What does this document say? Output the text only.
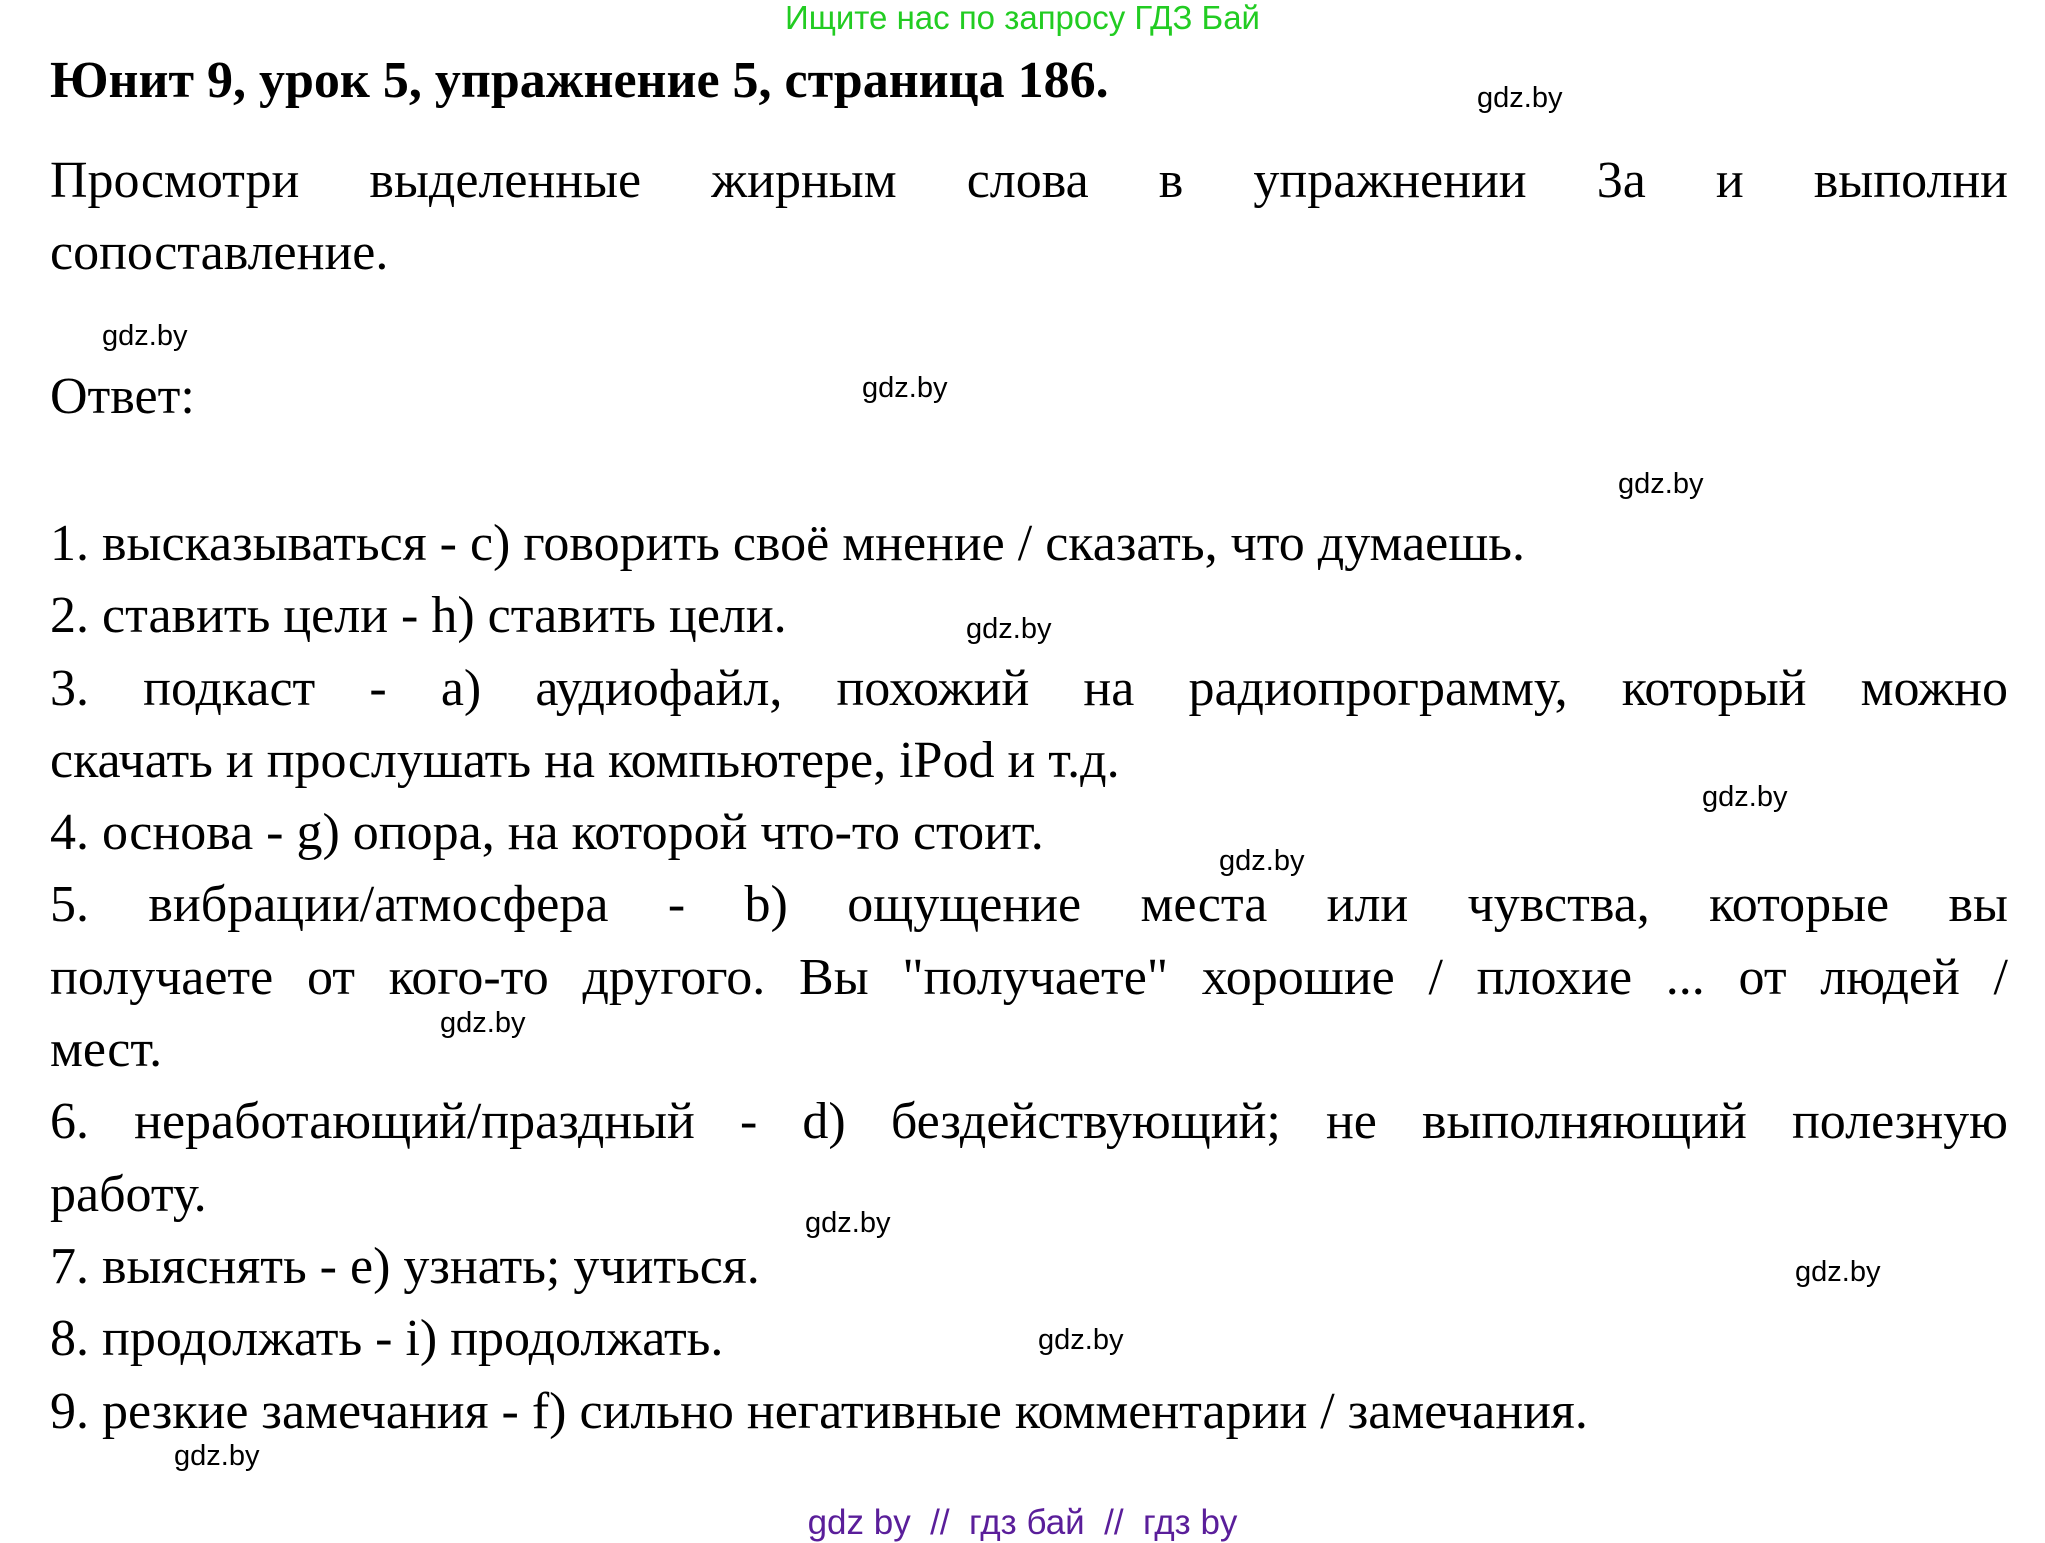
Ищите нас по запросу ГДЗ Бай
Юнит 9, урок 5, упражнение 5, страница 186.
Просмотри выделенные жирным слова в упражнении 3а и выполни
сопоставление.
Ответ:
1. высказываться - c) говорить своё мнение / сказать, что думаешь.
2. ставить цели - h) ставить цели.
3. подкаст - a) аудиофайл, похожий на радиопрограмму, который можно
скачать и прослушать на компьютере, iPod и т.д.
4. основа - g) опора, на которой что-то стоит.
5. вибрации/атмосфера - b) ощущение места или чувства, которые вы
получаете от кого-то другого. Вы "получаете" хорошие / плохие ... от людей /
мест.
6. неработающий/праздный - d) бездействующий; не выполняющий полезную
работу.
7. выяснять - e) узнать; учиться.
8. продолжать - i) продолжать.
9. резкие замечания - f) сильно негативные комментарии / замечания.
gdz.by
gdz.by
gdz.by
gdz.by
gdz.by
gdz.by
gdz.by
gdz.by
gdz.by
gdz.by
gdz.by
gdz.by
gdz by  //  гдз бай  //  гдз by
